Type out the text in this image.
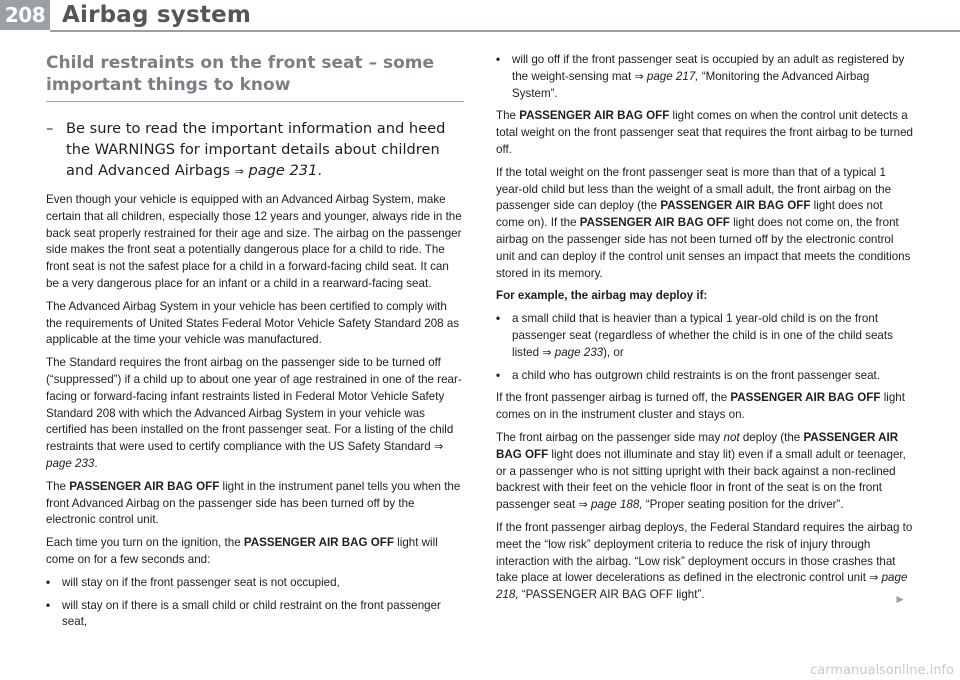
208 Airbag system
Child restraints on the front seat – some important things to know
– Be sure to read the important information and heed the WARNINGS for important details about children and Advanced Airbags ⇒ page 231.

Even though your vehicle is equipped with an Advanced Airbag System, make certain that all children, especially those 12 years and younger, always ride in the back seat properly restrained for their age and size. The airbag on the passenger side makes the front seat a potentially dangerous place for a child to ride. The front seat is not the safest place for a child in a forward-facing child seat. It can be a very dangerous place for an infant or a child in a rearward-facing seat.

The Advanced Airbag System in your vehicle has been certified to comply with the requirements of United States Federal Motor Vehicle Safety Standard 208 as applicable at the time your vehicle was manufactured.

The Standard requires the front airbag on the passenger side to be turned off (“suppressed”) if a child up to about one year of age restrained in one of the rear-facing or forward-facing infant restraints listed in Federal Motor Vehicle Safety Standard 208 with which the Advanced Airbag System in your vehicle was certified has been installed on the front passenger seat. For a listing of the child restraints that were used to certify compliance with the US Safety Standard ⇒ page 233.

The PASSENGER AIR BAG OFF light in the instrument panel tells you when the front Advanced Airbag on the passenger side has been turned off by the electronic control unit.

Each time you turn on the ignition, the PASSENGER AIR BAG OFF light will come on for a few seconds and:

•	will stay on if the front passenger seat is not occupied,

•	will stay on if there is a small child or child restraint on the front passenger seat,

•	will go off if the front passenger seat is occupied by an adult as registered by the weight-sensing mat ⇒ page 217, “Monitoring the Advanced Airbag System”.

The PASSENGER AIR BAG OFF light comes on when the control unit detects a total weight on the front passenger seat that requires the front airbag to be turned off.

If the total weight on the front passenger seat is more than that of a typical 1 year-old child but less than the weight of a small adult, the front airbag on the passenger side can deploy (the PASSENGER AIR BAG OFF light does not come on). If the PASSENGER AIR BAG OFF light does not come on, the front airbag on the passenger side has not been turned off by the electronic control unit and can deploy if the control unit senses an impact that meets the conditions stored in its memory.

For example, the airbag may deploy if:

•	a small child that is heavier than a typical 1 year-old child is on the front passenger seat (regardless of whether the child is in one of the child seats listed ⇒ page 233), or

•	a child who has outgrown child restraints is on the front passenger seat.

If the front passenger airbag is turned off, the PASSENGER AIR BAG OFF light comes on in the instrument cluster and stays on.

The front airbag on the passenger side may not deploy (the PASSENGER AIR BAG OFF light does not illuminate and stay lit) even if a small adult or teenager, or a passenger who is not sitting upright with their back against a non-reclined backrest with their feet on the vehicle floor in front of the seat is on the front passenger seat ⇒ page 188, “Proper seating position for the driver”.

If the front passenger airbag deploys, the Federal Standard requires the airbag to meet the “low risk” deployment criteria to reduce the risk of injury through interaction with the airbag. “Low risk” deployment occurs in those crashes that take place at lower decelerations as defined in the electronic control unit ⇒ page 218, “PASSENGER AIR BAG OFF light”.	►

carmanualsonline.info
